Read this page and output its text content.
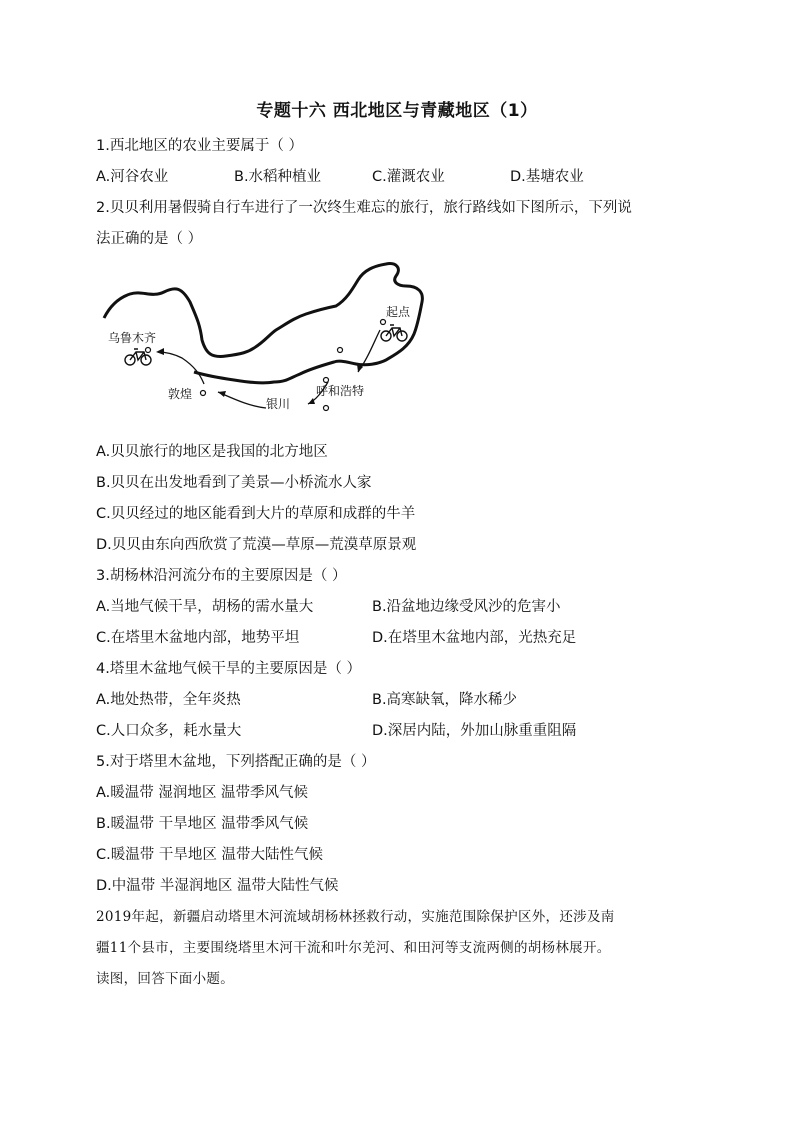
专题十六 西北地区与青藏地区（1）
1.西北地区的农业主要属于（ ）
A.河谷农业	B.水稻种植业	C.灌溉农业	D.基塘农业
2.贝贝利用暑假骑自行车进行了一次终生难忘的旅行，旅行路线如下图所示，下列说
法正确的是（ ）
乌鲁木齐
起点
敦煌	呼和浩特
银川
A.贝贝旅行的地区是我国的北方地区
B.贝贝在出发地看到了美景—小桥流水人家
C.贝贝经过的地区能看到大片的草原和成群的牛羊
D.贝贝由东向西欣赏了荒漠—草原—荒漠草原景观
3.胡杨林沿河流分布的主要原因是（ ）
A.当地气候干旱，胡杨的需水量大	B.沿盆地边缘受风沙的危害小
C.在塔里木盆地内部，地势平坦	D.在塔里木盆地内部，光热充足
4.塔里木盆地气候干旱的主要原因是（ ）
A.地处热带，全年炎热	B.高寒缺氧，降水稀少
C.人口众多，耗水量大	D.深居内陆，外加山脉重重阻隔
5.对于塔里木盆地，下列搭配正确的是（ ）
A.暖温带 湿润地区 温带季风气候
B.暖温带 干旱地区 温带季风气候
C.暖温带 干旱地区 温带大陆性气候
D.中温带 半湿润地区 温带大陆性气候
2019年起，新疆启动塔里木河流域胡杨林拯救行动，实施范围除保护区外，还涉及南
疆11个县市，主要围绕塔里木河干流和叶尔羌河、和田河等支流两侧的胡杨林展开。
读图，回答下面小题。
